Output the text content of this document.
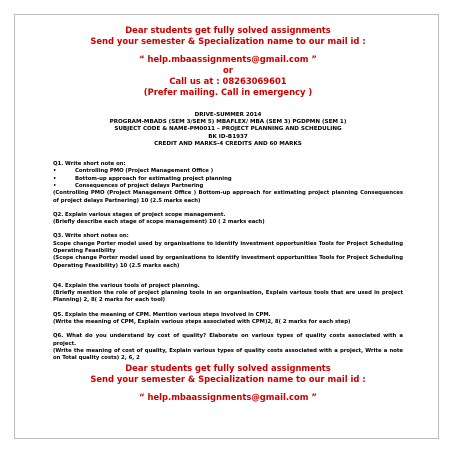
Dear students get fully solved assignments
Send your semester & Specialization name to our mail id :
“ help.mbaassignments@gmail.com ”
or
Call us at : 08263069601
(Prefer mailing. Call in emergency )
DRIVE-SUMMER 2014
PROGRAM-MBADS (SEM 3/SEM 5) MBAFLEX/ MBA (SEM 3) PGDPMN (SEM 1)
SUBJECT CODE & NAME-PM0011 – PROJECT PLANNING AND SCHEDULING
BK ID-B1937
CREDIT AND MARKS-4 CREDITS AND 60 MARKS

Q1. Write short note on:

•	Controlling PMO (Project Management Office )
•	Bottom-up approach for estimating project planning
•	Consequences of project delays Partnering

(Controlling PMO (Project Management Office ) Bottom-up approach for estimating project planning Consequences of project delays Partnering) 10 (2.5 marks each)

Q2. Explain various stages of project scope management.

(Briefly describe each stage of scope management) 10 ( 2 marks each)

Q3. Write short notes on:

Scope change Porter model used by organisations to identify investment opportunities Tools for Project Scheduling Operating Feasibility

(Scope change Porter model used by organisations to identify investment opportunities Tools for Project Scheduling Operating Feasibility) 10 (2.5 marks each)

Q4. Explain the various tools of project planning.

(Briefly mention the role of project planning tools in an organisation, Explain various tools that are used in project Planning) 2, 8( 2 marks for each tool)

Q5. Explain the meaning of CPM. Mention various steps involved in CPM.

(Write the meaning of CPM, Explain various steps associated with CPM)2, 8( 2 marks for each step)

Q6. What do you understand by cost of quality? Elaborate on various types of quality costs associated with a project.

(Write the meaning of cost of quality, Explain various types of quality costs associated with a project, Write a note on Total quality costs) 2, 6, 2

Dear students get fully solved assignments
Send your semester & Specialization name to our mail id :
“ help.mbaassignments@gmail.com ”
